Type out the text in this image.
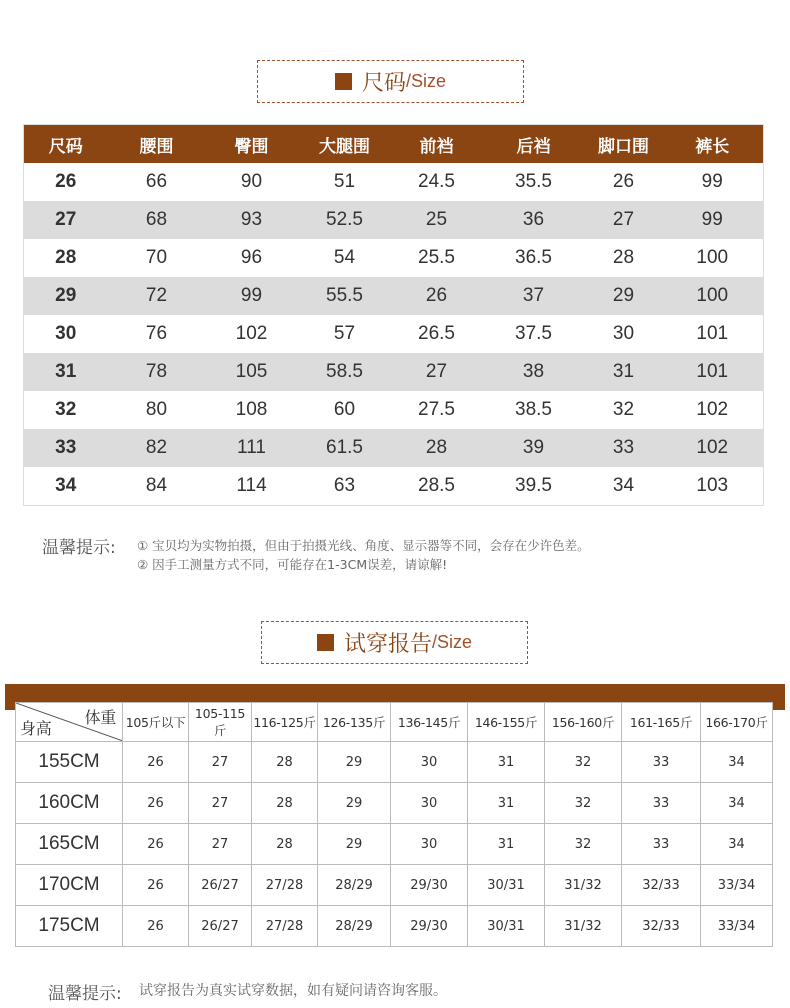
尺码 /Size
尺码	腰围	臀围	大腿围	前裆	后裆	脚口围	裤长
26	66	90	51	24.5	35.5	26	99
27	68	93	52.5	25	36	27	99
28	70	96	54	25.5	36.5	28	100
29	72	99	55.5	26	37	29	100
30	76	102	57	26.5	37.5	30	101
31	78	105	58.5	27	38	31	101
32	80	108	60	27.5	38.5	32	102
33	82	111	61.5	28	39	33	102
34	84	114	63	28.5	39.5	34	103
温馨提示: ① 宝贝均为实物拍摄，但由于拍摄光线、角度、显示器等不同，会存在少许色差。
② 因手工测量方式不同，可能存在1-3CM误差，请谅解!
试穿报告 /Size
体重
身高	105斤以下	105-115斤	116-125斤	126-135斤	136-145斤	146-155斤	156-160斤	161-165斤	166-170斤
155CM	26	27	28	29	30	31	32	33	34
160CM	26	27	28	29	30	31	32	33	34
165CM	26	27	28	29	30	31	32	33	34
170CM	26	26/27	27/28	28/29	29/30	30/31	31/32	32/33	33/34
175CM	26	26/27	27/28	28/29	29/30	30/31	31/32	32/33	33/34
温馨提示: 试穿报告为真实试穿数据，如有疑问请咨询客服。
